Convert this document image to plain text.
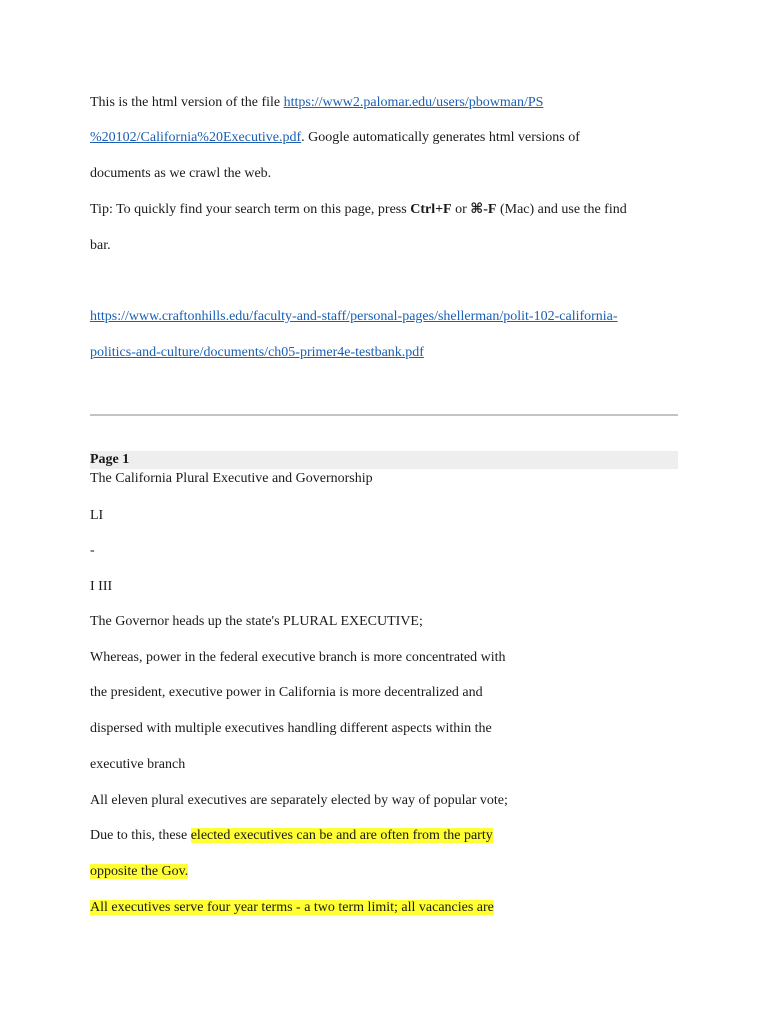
This is the html version of the file https://www2.palomar.edu/users/pbowman/PS
%20102/California%20Executive.pdf. Google automatically generates html versions of
documents as we crawl the web.
Tip: To quickly find your search term on this page, press Ctrl+F or ⌘-F (Mac) and use the find
bar.
https://www.craftonhills.edu/faculty-and-staff/personal-pages/shellerman/polit-102-california-
politics-and-culture/documents/ch05-primer4e-testbank.pdf
Page 1
The California Plural Executive and Governorship
LI
-
I III
The Governor heads up the state's PLURAL EXECUTIVE;
Whereas, power in the federal executive branch is more concentrated with
the president, executive power in California is more decentralized and
dispersed with multiple executives handling different aspects within the
executive branch
All eleven plural executives are separately elected by way of popular vote;
Due to this, these elected executives can be and are often from the party
opposite the Gov.
All executives serve four year terms - a two term limit; all vacancies are
